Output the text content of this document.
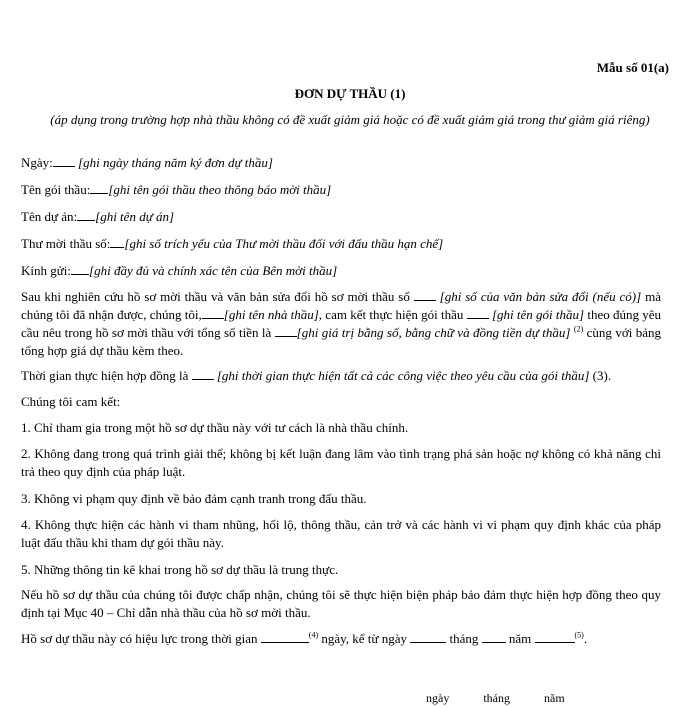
Mẫu số 01(a)
ĐƠN DỰ THẦU (1)
(áp dụng trong trường hợp nhà thầu không có đề xuất giảm giá hoặc có đề xuất giảm giá trong thư giảm giá riêng)
Ngày: [ghi ngày tháng năm ký đơn dự thầu]
Tên gói thầu: [ghi tên gói thầu theo thông báo mời thầu]
Tên dự án: [ghi tên dự án]
Thư mời thầu số: [ghi số trích yếu của Thư mời thầu đối với đấu thầu hạn chế]
Kính gửi: [ghi đầy đủ và chính xác tên của Bên mời thầu]
Sau khi nghiên cứu hồ sơ mời thầu và văn bản sửa đổi hồ sơ mời thầu số  [ghi số của văn bản sửa đổi (nếu có)] mà chúng tôi đã nhận được, chúng tôi, [ghi tên nhà thầu], cam kết thực hiện gói thầu  [ghi tên gói thầu] theo đúng yêu cầu nêu trong hồ sơ mời thầu với tổng số tiền là [ghi giá trị bằng số, bằng chữ và đồng tiền dự thầu] $^{(2)}$ cùng với bảng tổng hợp giá dự thầu kèm theo.
Thời gian thực hiện hợp đồng là  [ghi thời gian thực hiện tất cả các công việc theo yêu cầu của gói thầu] (3).
Chúng tôi cam kết:
1. Chỉ tham gia trong một hồ sơ dự thầu này với tư cách là nhà thầu chính.
2. Không đang trong quá trình giải thể; không bị kết luận đang lâm vào tình trạng phá sản hoặc nợ không có khả năng chi trả theo quy định của pháp luật.
3. Không vi phạm quy định về bảo đảm cạnh tranh trong đấu thầu.
4. Không thực hiện các hành vi tham nhũng, hối lộ, thông thầu, cản trở và các hành vi vi phạm quy định khác của pháp luật đấu thầu khi tham dự gói thầu này.
5. Những thông tin kê khai trong hồ sơ dự thầu là trung thực.
Nếu hồ sơ dự thầu của chúng tôi được chấp nhận, chúng tôi sẽ thực hiện biện pháp bảo đảm thực hiện hợp đồng theo quy định tại Mục 40 – Chỉ dẫn nhà thầu của hồ sơ mời thầu.
Hồ sơ dự thầu này có hiệu lực trong thời gian	$^{(4)}$ ngày, kể từ ngày	tháng  năm	$^{(5)}$.
ngày	tháng	năm
